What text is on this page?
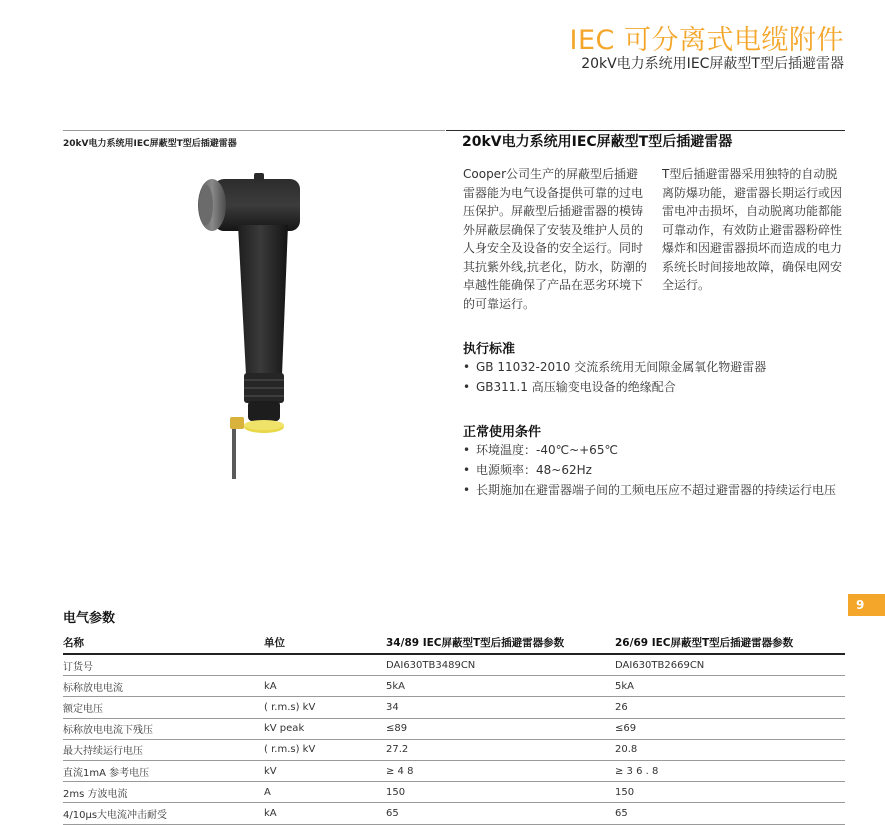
IEC 可分离式电缆附件
20kV电力系统用IEC屏蔽型T型后插避雷器
20kV电力系统用IEC屏蔽型T型后插避雷器	20kV电力系统用IEC屏蔽型T型后插避雷器
Cooper公司生产的屏蔽型后插避雷器能为电气设备提供可靠的过电压保护。屏蔽型后插避雷器的模铸外屏蔽层确保了安装及维护人员的人身安全及设备的安全运行。同时其抗紫外线,抗老化，防水，防潮的卓越性能确保了产品在恶劣环境下的可靠运行。
T型后插避雷器采用独特的自动脱离防爆功能，避雷器长期运行或因雷电冲击损坏，自动脱离功能都能可靠动作，有效防止避雷器粉碎性爆炸和因避雷器损坏而造成的电力系统长时间接地故障，确保电网安全运行。
执行标准
• GB 11032-2010 交流系统用无间隙金属氧化物避雷器
• GB311.1 高压输变电设备的绝缘配合
正常使用条件
• 环境温度：-40℃~+65℃
• 电源频率：48~62Hz
• 长期施加在避雷器端子间的工频电压应不超过避雷器的持续运行电压
9
电气参数
名称	单位	34/89 IEC屏蔽型T型后插避雷器参数	26/69 IEC屏蔽型T型后插避雷器参数
订货号		DAI630TB3489CN	DAI630TB2669CN
标称放电电流	kA	5kA	5kA
额定电压	( r.m.s) kV	34	26
标称放电电流下残压	kV peak	≤89	≤69
最大持续运行电压	( r.m.s) kV	27.2	20.8
直流1mA 参考电压	kV	≥ 4 8	≥ 3 6 . 8
2ms 方波电流	A	150	150
4/10μs大电流冲击耐受	kA	65	65
